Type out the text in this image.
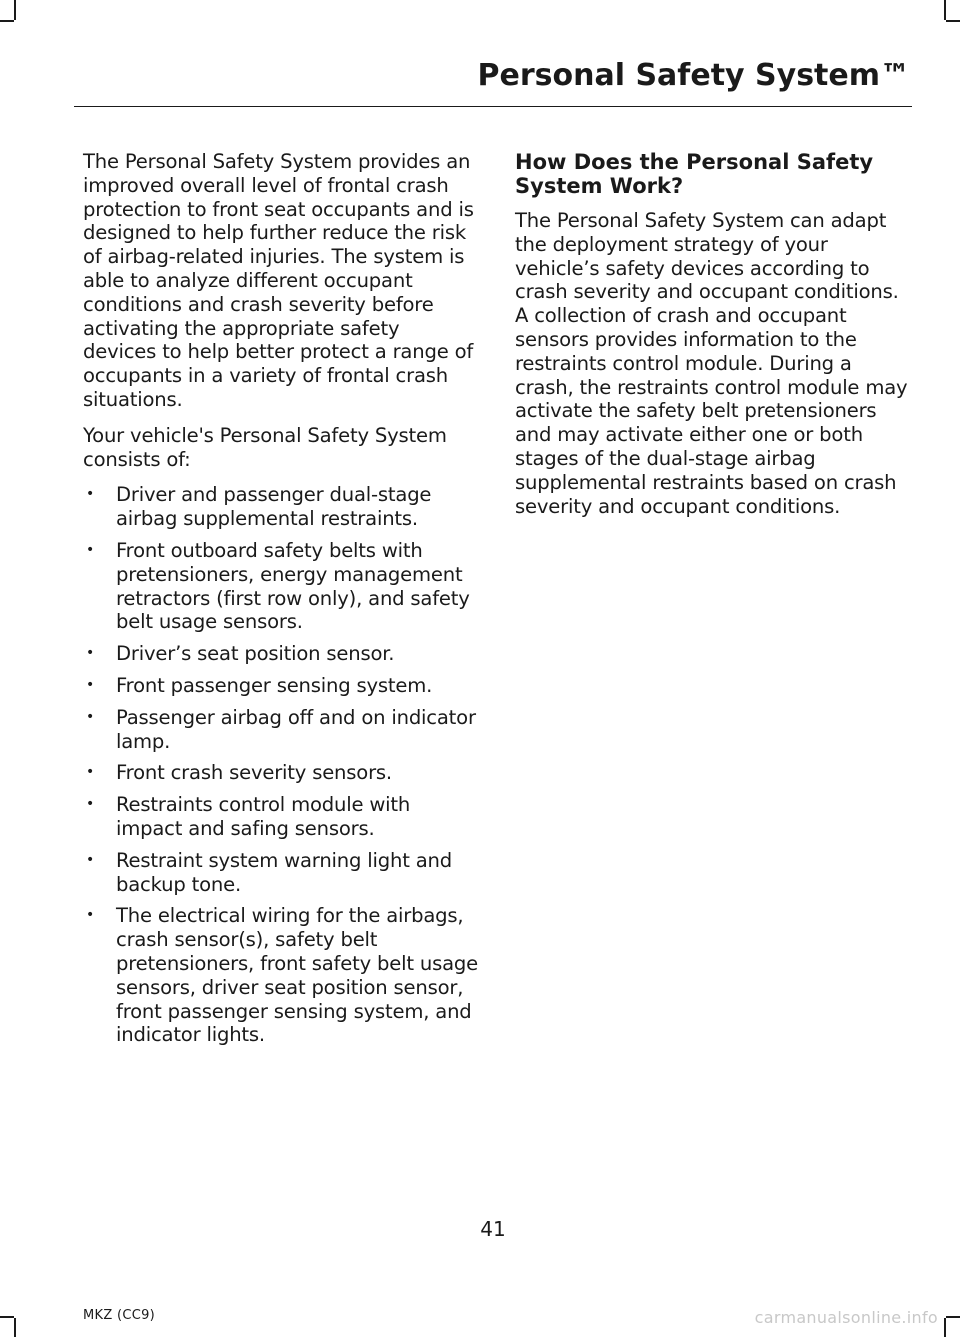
Personal Safety System™

The Personal Safety System provides an improved overall level of frontal crash protection to front seat occupants and is designed to help further reduce the risk of airbag-related injuries. The system is able to analyze different occupant conditions and crash severity before activating the appropriate safety devices to help better protect a range of occupants in a variety of frontal crash situations.

Your vehicle's Personal Safety System consists of:

• Driver and passenger dual-stage airbag supplemental restraints.
• Front outboard safety belts with pretensioners, energy management retractors (first row only), and safety belt usage sensors.
• Driver’s seat position sensor.
• Front passenger sensing system.
• Passenger airbag off and on indicator lamp.
• Front crash severity sensors.
• Restraints control module with impact and safing sensors.
• Restraint system warning light and backup tone.
• The electrical wiring for the airbags, crash sensor(s), safety belt pretensioners, front safety belt usage sensors, driver seat position sensor, front passenger sensing system, and indicator lights.
How Does the Personal Safety System Work?

The Personal Safety System can adapt the deployment strategy of your vehicle’s safety devices according to crash severity and occupant conditions. A collection of crash and occupant sensors provides information to the restraints control module. During a crash, the restraints control module may activate the safety belt pretensioners and may activate either one or both stages of the dual-stage airbag supplemental restraints based on crash severity and occupant conditions.

41
MKZ (CC9)	carmanualsonline.info
